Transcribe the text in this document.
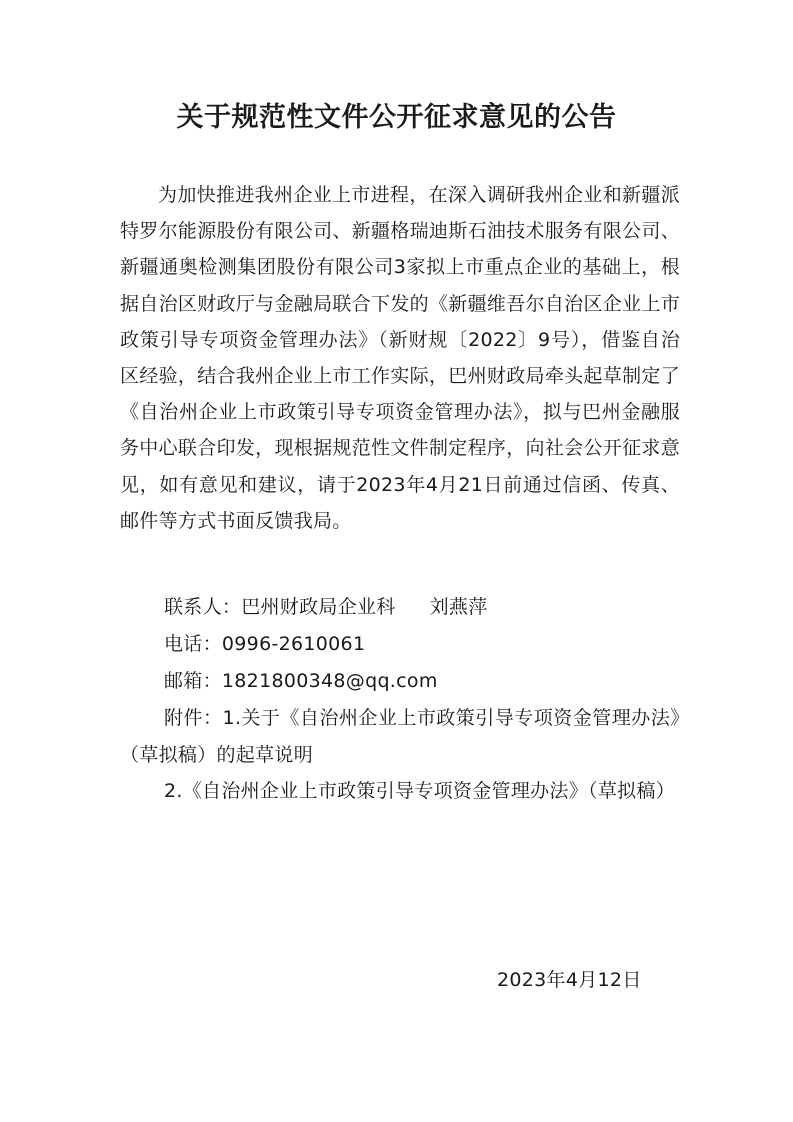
关于规范性文件公开征求意见的公告

为加快推进我州企业上市进程，在深入调研我州企业和新疆派特罗尔能源股份有限公司、新疆格瑞迪斯石油技术服务有限公司、新疆通奥检测集团股份有限公司3家拟上市重点企业的基础上，根据自治区财政厅与金融局联合下发的《新疆维吾尔自治区企业上市政策引导专项资金管理办法》（新财规〔2022〕9号），借鉴自治区经验，结合我州企业上市工作实际，巴州财政局牵头起草制定了《自治州企业上市政策引导专项资金管理办法》，拟与巴州金融服务中心联合印发，现根据规范性文件制定程序，向社会公开征求意见，如有意见和建议，请于2023年4月21日前通过信函、传真、邮件等方式书面反馈我局。

联系人：巴州财政局企业科 刘燕萍

电话：0996-2610061

邮箱：1821800348@qq.com

附件：1.关于《自治州企业上市政策引导专项资金管理办法》（草拟稿）的起草说明

2.《自治州企业上市政策引导专项资金管理办法》（草拟稿）

2023年4月12日
